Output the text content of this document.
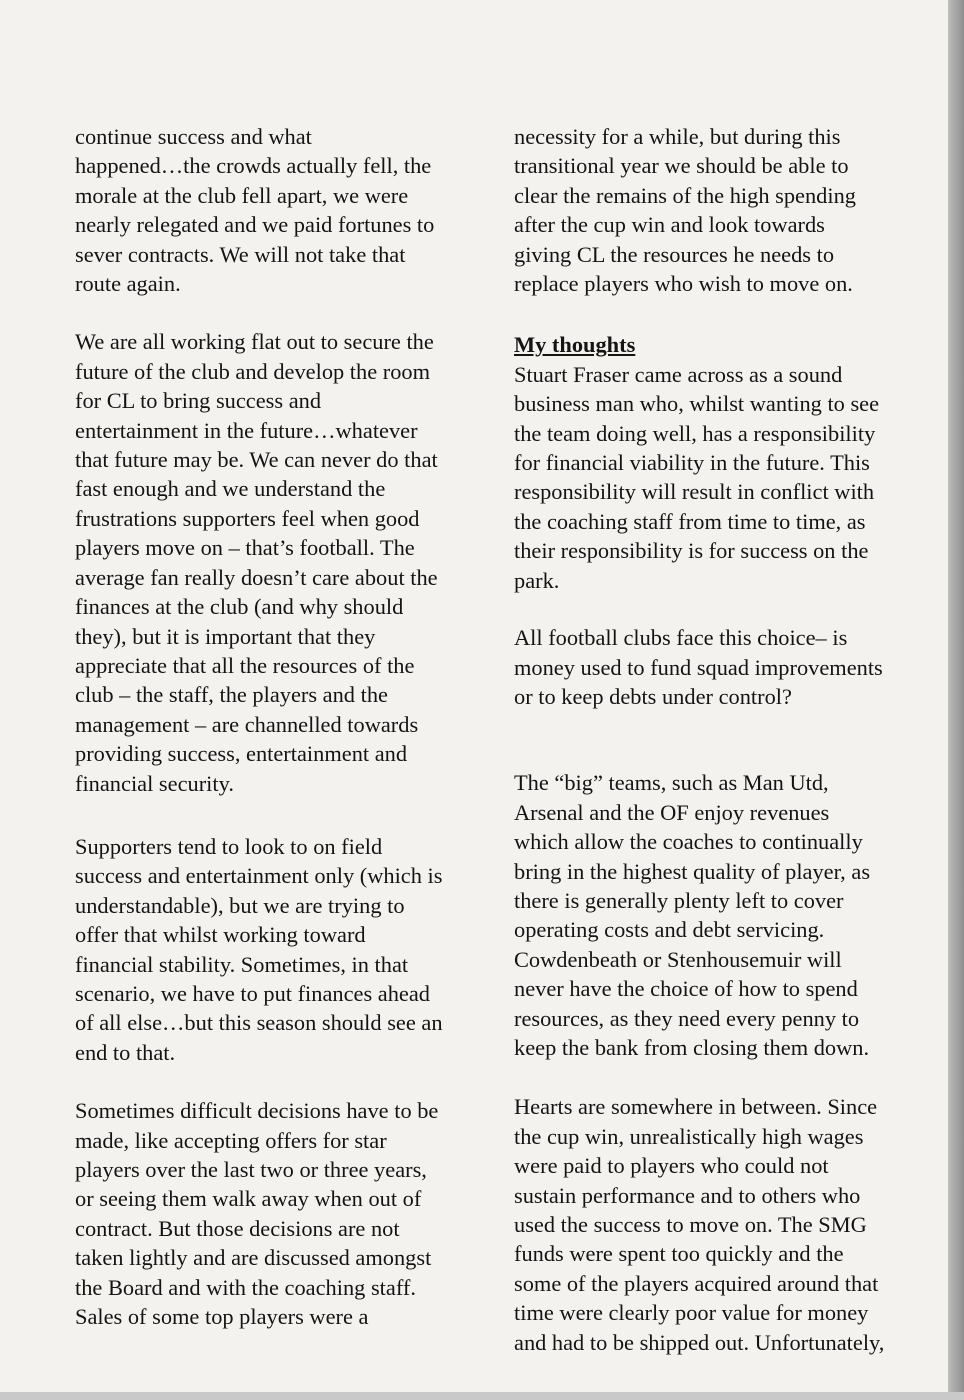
continue success and what
happened…the crowds actually fell, the
morale at the club fell apart, we were
nearly relegated and we paid fortunes to
sever contracts. We will not take that
route again.

We are all working flat out to secure the
future of the club and develop the room
for CL to bring success and
entertainment in the future…whatever
that future may be. We can never do that
fast enough and we understand the
frustrations supporters feel when good
players move on – that’s football. The
average fan really doesn’t care about the
finances at the club (and why should
they), but it is important that they
appreciate that all the resources of the
club – the staff, the players and the
management – are channelled towards
providing success, entertainment and
financial security.

Supporters tend to look to on field
success and entertainment only (which is
understandable), but we are trying to
offer that whilst working toward
financial stability. Sometimes, in that
scenario, we have to put finances ahead
of all else…but this season should see an
end to that.

Sometimes difficult decisions have to be
made, like accepting offers for star
players over the last two or three years,
or seeing them walk away when out of
contract. But those decisions are not
taken lightly and are discussed amongst
the Board and with the coaching staff.
Sales of some top players were a

necessity for a while, but during this
transitional year we should be able to
clear the remains of the high spending
after the cup win and look towards
giving CL the resources he needs to
replace players who wish to move on.

My thoughts

Stuart Fraser came across as a sound
business man who, whilst wanting to see
the team doing well, has a responsibility
for financial viability in the future. This
responsibility will result in conflict with
the coaching staff from time to time, as
their responsibility is for success on the
park.

All football clubs face this choice– is
money used to fund squad improvements
or to keep debts under control?

The “big” teams, such as Man Utd,
Arsenal and the OF enjoy revenues
which allow the coaches to continually
bring in the highest quality of player, as
there is generally plenty left to cover
operating costs and debt servicing.
Cowdenbeath or Stenhousemuir will
never have the choice of how to spend
resources, as they need every penny to
keep the bank from closing them down.

Hearts are somewhere in between. Since
the cup win, unrealistically high wages
were paid to players who could not
sustain performance and to others who
used the success to move on. The SMG
funds were spent too quickly and the
some of the players acquired around that
time were clearly poor value for money
and had to be shipped out. Unfortunately,
